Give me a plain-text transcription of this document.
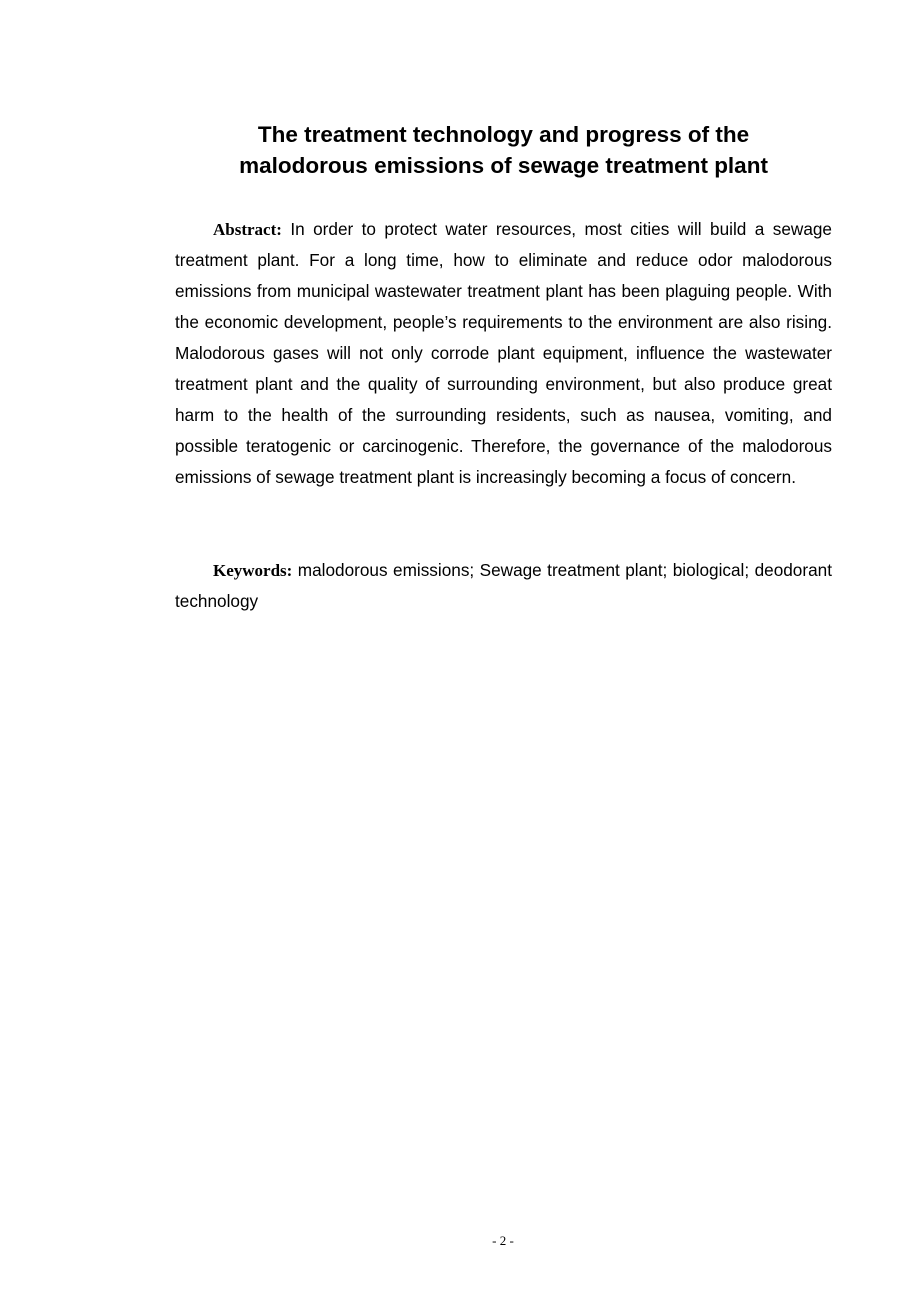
The treatment technology and progress of the
malodorous emissions of sewage treatment plant

Abstract: In order to protect water resources, most cities will build a sewage treatment plant. For a long time, how to eliminate and reduce odor malodorous emissions from municipal wastewater treatment plant has been plaguing people. With the economic development, people’s requirements to the environment are also rising. Malodorous gases will not only corrode plant equipment, influence the wastewater treatment plant and the quality of surrounding environment, but also produce great harm to the health of the surrounding residents, such as nausea, vomiting, and possible teratogenic or carcinogenic. Therefore, the governance of the malodorous emissions of sewage treatment plant is increasingly becoming a focus of concern.

Keywords: malodorous emissions; Sewage treatment plant; biological; deodorant technology

- 2 -
